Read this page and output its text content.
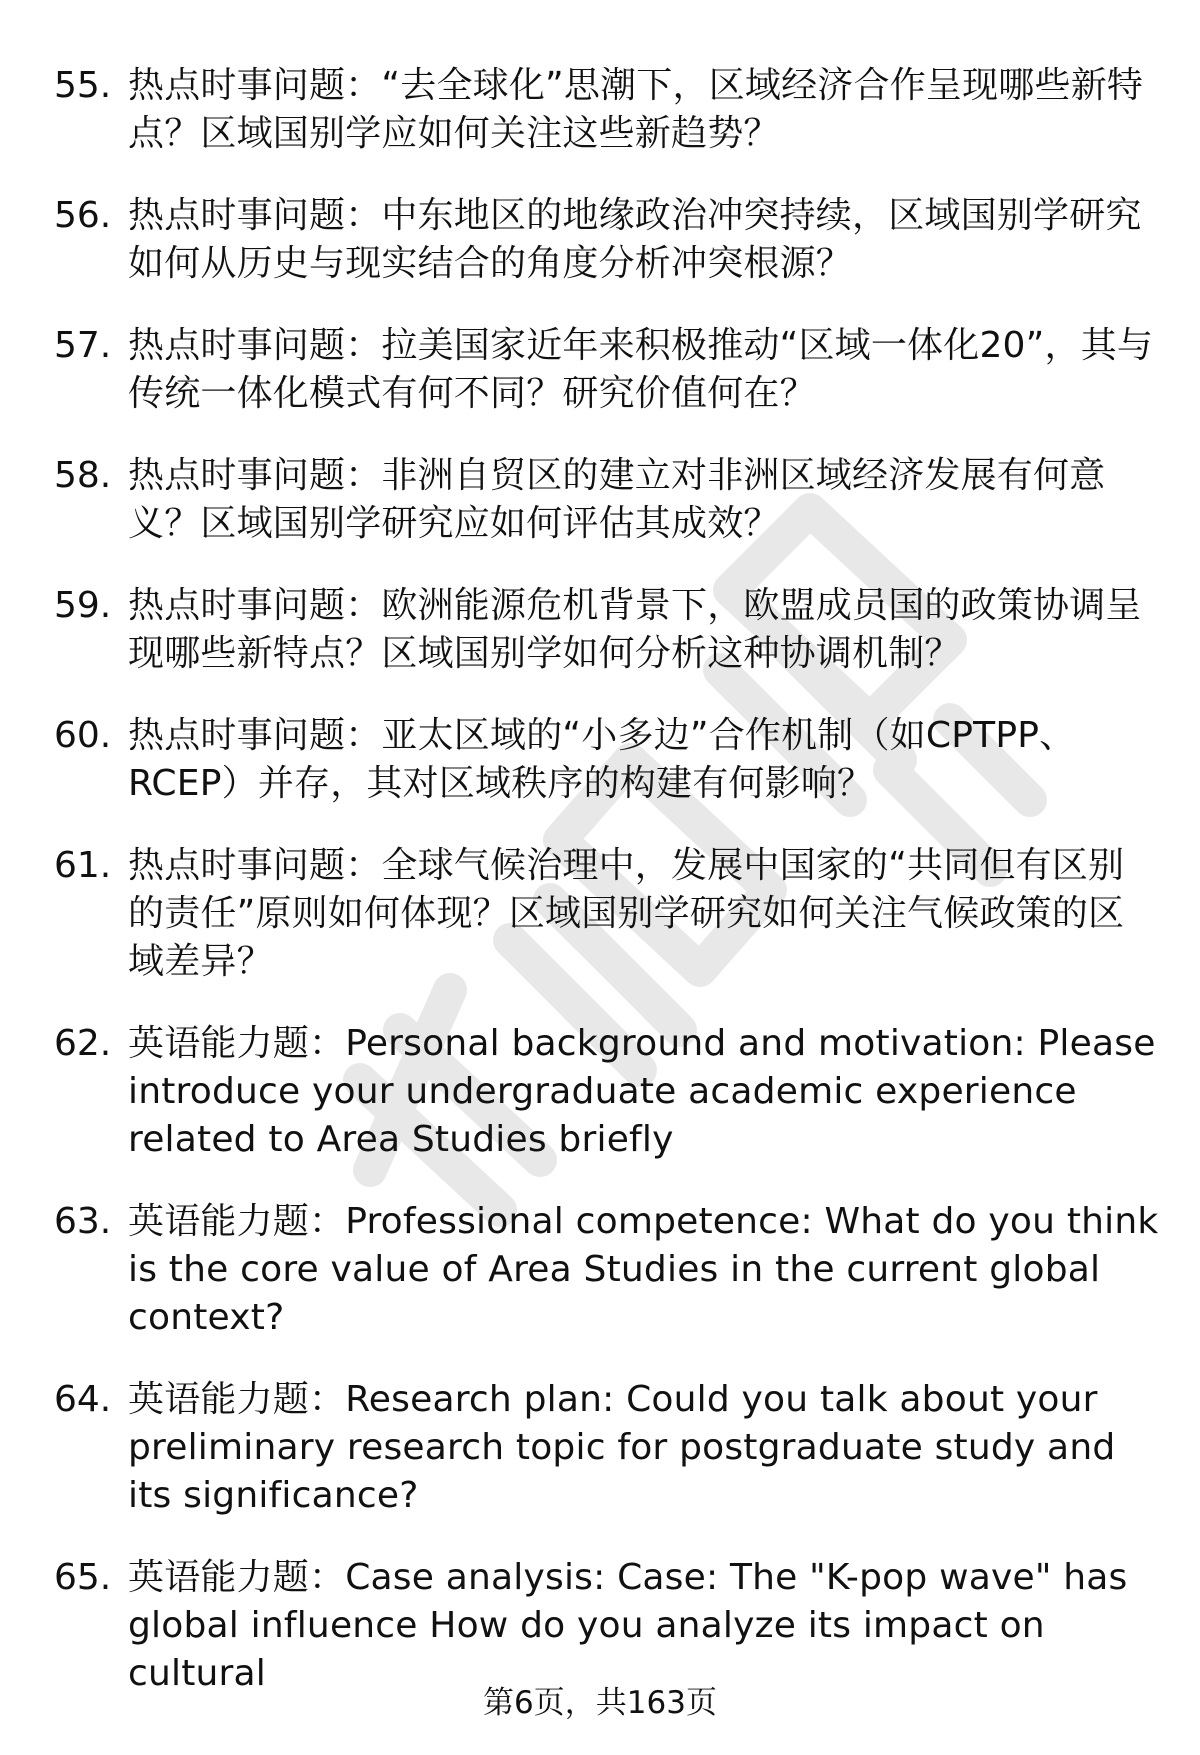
55. 热点时事问题：“去全球化”思潮下，区域经济合作呈现哪些新特点？区域国别学应如何关注这些新趋势？
56. 热点时事问题：中东地区的地缘政治冲突持续，区域国别学研究如何从历史与现实结合的角度分析冲突根源？
57. 热点时事问题：拉美国家近年来积极推动“区域一体化20”，其与传统一体化模式有何不同？研究价值何在？
58. 热点时事问题：非洲自贸区的建立对非洲区域经济发展有何意义？区域国别学研究应如何评估其成效？
59. 热点时事问题：欧洲能源危机背景下，欧盟成员国的政策协调呈现哪些新特点？区域国别学如何分析这种协调机制？
60. 热点时事问题：亚太区域的“小多边”合作机制（如CPTPP、RCEP）并存，其对区域秩序的构建有何影响？
61. 热点时事问题：全球气候治理中，发展中国家的“共同但有区别的责任”原则如何体现？区域国别学研究如何关注气候政策的区域差异？
62. 英语能力题：Personal background and motivation: Please introduce your undergraduate academic experience related to Area Studies briefly
63. 英语能力题：Professional competence: What do you think is the core value of Area Studies in the current global context?
64. 英语能力题：Research plan: Could you talk about your preliminary research topic for postgraduate study and its significance?
65. 英语能力题：Case analysis: Case: The "K-pop wave" has global influence How do you analyze its impact on cultural
第6页，共163页
